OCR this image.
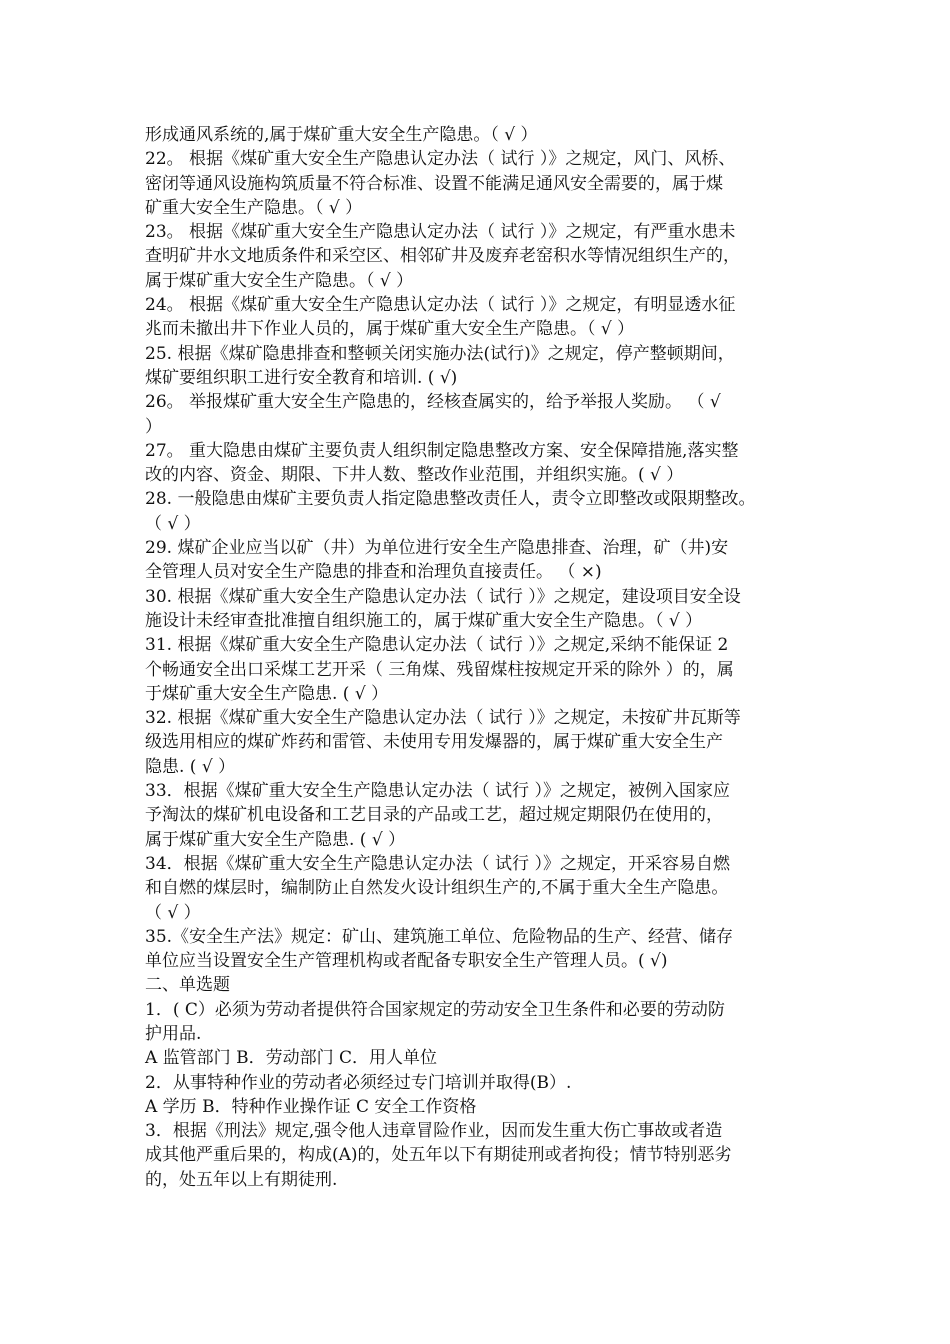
形成通风系统的,属于煤矿重大安全生产隐患。（ √ ）
22。 根据《煤矿重大安全生产隐患认定办法（ 试行 ）》之规定，风门、风桥、
密闭等通风设施构筑质量不符合标准、设置不能满足通风安全需要的，属于煤
矿重大安全生产隐患。（ √ ）
23。 根据《煤矿重大安全生产隐患认定办法（ 试行 ）》之规定，有严重水患未
查明矿井水文地质条件和采空区、相邻矿井及废弃老窑积水等情况组织生产的，
属于煤矿重大安全生产隐患。（ √ ）
24。 根据《煤矿重大安全生产隐患认定办法（ 试行 ）》之规定，有明显透水征
兆而未撤出井下作业人员的，属于煤矿重大安全生产隐患。（ √ ）
25. 根据《煤矿隐患排查和整顿关闭实施办法(试行)》之规定，停产整顿期间，
煤矿要组织职工进行安全教育和培训. ( √)
26。 举报煤矿重大安全生产隐患的，经核查属实的，给予举报人奖励。 （ √
）
27。 重大隐患由煤矿主要负责人组织制定隐患整改方案、安全保障措施,落实整
改的内容、资金、期限、下井人数、整改作业范围，并组织实施。( √ ）
28. 一般隐患由煤矿主要负责人指定隐患整改责任人，责令立即整改或限期整改。
（ √ ）
29. 煤矿企业应当以矿（井）为单位进行安全生产隐患排查、治理，矿（井)安
全管理人员对安全生产隐患的排查和治理负直接责任。 （ ×)
30. 根据《煤矿重大安全生产隐患认定办法（ 试行 ）》之规定，建设项目安全设
施设计未经审查批准擅自组织施工的，属于煤矿重大安全生产隐患。（ √ ）
31. 根据《煤矿重大安全生产隐患认定办法（ 试行 ）》之规定,采纳不能保证 2
个畅通安全出口采煤工艺开采（ 三角煤、残留煤柱按规定开采的除外 ）的，属
于煤矿重大安全生产隐患. ( √ ）
32. 根据《煤矿重大安全生产隐患认定办法（ 试行 ）》之规定，未按矿井瓦斯等
级选用相应的煤矿炸药和雷管、未使用专用发爆器的，属于煤矿重大安全生产
隐患. ( √ ）
33．根据《煤矿重大安全生产隐患认定办法（ 试行 ）》之规定，被例入国家应
予淘汰的煤矿机电设备和工艺目录的产品或工艺，超过规定期限仍在使用的，
属于煤矿重大安全生产隐患. ( √ ）
34．根据《煤矿重大安全生产隐患认定办法（ 试行 ）》之规定，开采容易自燃
和自燃的煤层时，编制防止自然发火设计组织生产的,不属于重大全生产隐患。
（ √ ）
35.《安全生产法》规定：矿山、建筑施工单位、危险物品的生产、经营、储存
单位应当设置安全生产管理机构或者配备专职安全生产管理人员。( √)
二、单选题
1．( C）必须为劳动者提供符合国家规定的劳动安全卫生条件和必要的劳动防
护用品.
A 监管部门 B．劳动部门 C．用人单位
2．从事特种作业的劳动者必须经过专门培训并取得(B）.
A 学历 B．特种作业操作证 C 安全工作资格
3．根据《刑法》规定,强令他人违章冒险作业，因而发生重大伤亡事故或者造
成其他严重后果的，构成(A)的，处五年以下有期徒刑或者拘役；情节特别恶劣
的，处五年以上有期徒刑.
